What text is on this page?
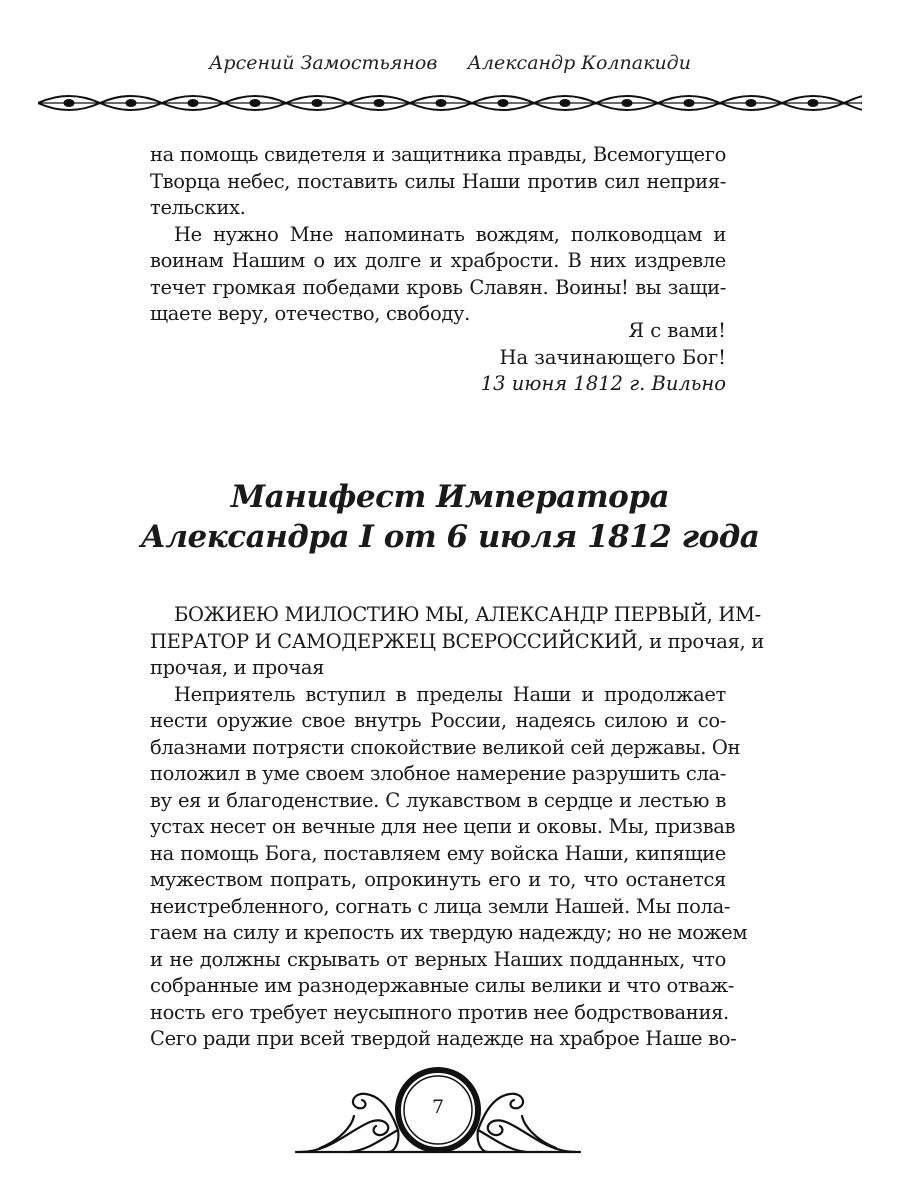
Арсений Замостьянов Александр Колпакиди
на помощь свидетеля и защитника правды, Всемогущего
Творца небес, поставить силы Наши против сил неприя-
тельских.
Не нужно Мне напоминать вождям, полководцам и
воинам Нашим о их долге и храбрости. В них издревле
течет громкая победами кровь Славян. Воины! вы защи-
щаете веру, отечество, свободу.
Я с вами!
На зачинающего Бог!
13 июня 1812 г. Вильно
Манифест Императора
Александра I от 6 июля 1812 года
БОЖИЕЮ МИЛОСТИЮ МЫ, АЛЕКСАНДР ПЕРВЫЙ, ИМ-
ПЕРАТОР И САМОДЕРЖЕЦ ВСЕРОССИЙСКИЙ, и прочая, и
прочая, и прочая
Неприятель вступил в пределы Наши и продолжает
нести оружие свое внутрь России, надеясь силою и со-
блазнами потрясти спокойствие великой сей державы. Он
положил в уме своем злобное намерение разрушить сла-
ву ея и благоденствие. С лукавством в сердце и лестью в
устах несет он вечные для нее цепи и оковы. Мы, призвав
на помощь Бога, поставляем ему войска Наши, кипящие
мужеством попрать, опрокинуть его и то, что останется
неистребленного, согнать с лица земли Нашей. Мы пола-
гаем на силу и крепость их твердую надежду; но не можем
и не должны скрывать от верных Наших подданных, что
собранные им разнодержавные силы велики и что отваж-
ность его требует неусыпного против нее бодрствования.
Сего ради при всей твердой надежде на храброе Наше во-
7
